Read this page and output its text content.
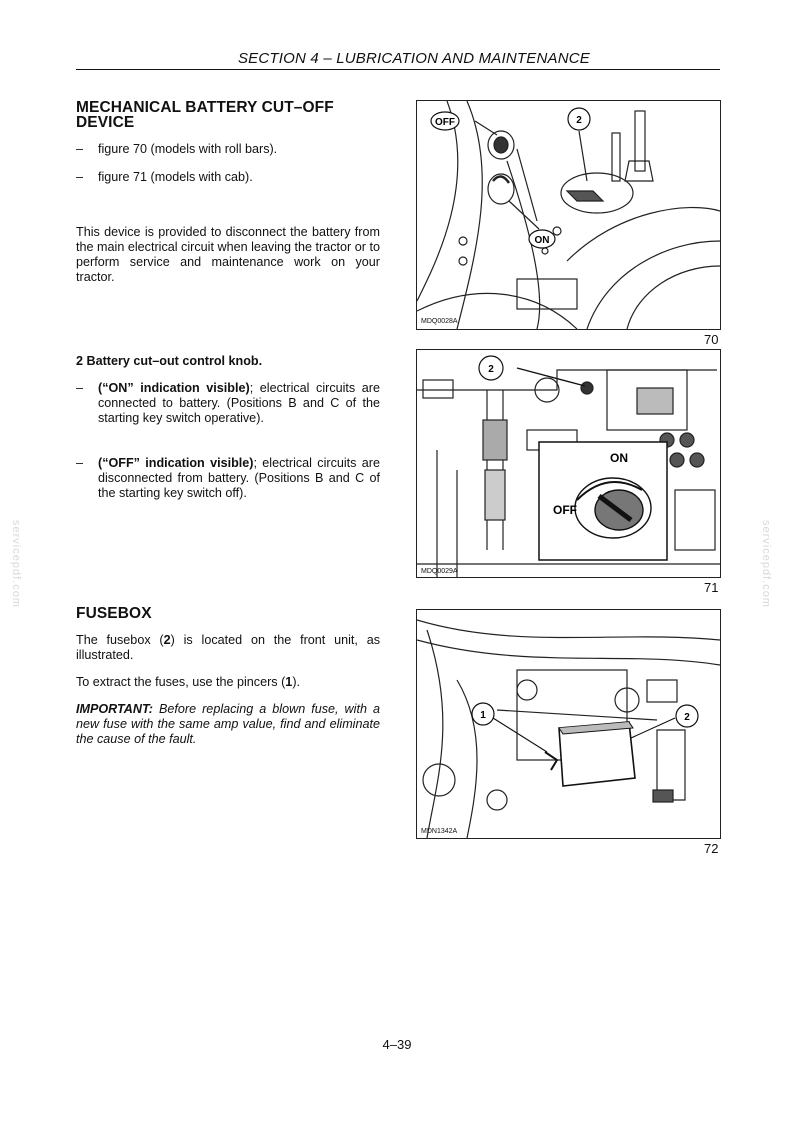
SECTION 4 – LUBRICATION AND MAINTENANCE
MECHANICAL BATTERY CUT–OFF DEVICE
– figure 70 (models with roll bars).
– figure 71 (models with cab).

This device is provided to disconnect the battery from the main electrical circuit when leaving the tractor or to perform service and maintenance work on your tractor.

2 Battery cut–out control knob.

– (“ON” indication visible); electrical circuits are connected to battery. (Positions B and C of the starting key switch operative).
– (“OFF” indication visible); electrical circuits are disconnected from battery. (Positions B and C of the starting key switch off).
FUSEBOX

The fusebox (2) is located on the front unit, as illustrated.

To extract the fuses, use the pincers (1).

IMPORTANT: Before replacing a blown fuse, with a new fuse with the same amp value, find and eliminate the cause of the fault.

OFF	2
ON
MDQ0028A
70
2
ON
OFF
MDQ0029A
71
1	2
MDN1342A
72
4–39
servicepdf.com	servicepdf.com
